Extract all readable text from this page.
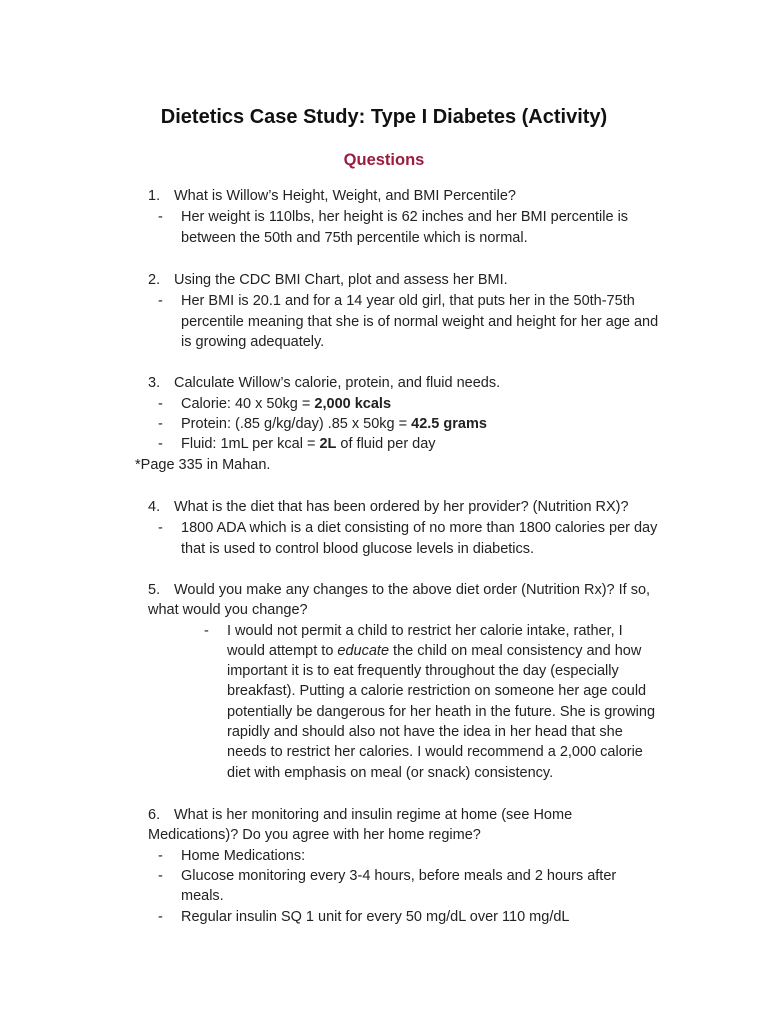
Dietetics Case Study: Type I Diabetes (Activity)
Questions
1. What is Willow’s Height, Weight, and BMI Percentile?
- Her weight is 110lbs, her height is 62 inches and her BMI percentile is
between the 50th and 75th percentile which is normal.
2. Using the CDC BMI Chart, plot and assess her BMI.
- Her BMI is 20.1 and for a 14 year old girl, that puts her in the 50th-75th
percentile meaning that she is of normal weight and height for her age and
is growing adequately.
3. Calculate Willow’s calorie, protein, and fluid needs.
- Calorie: 40 x 50kg = 2,000 kcals
- Protein: (.85 g/kg/day) .85 x 50kg = 42.5 grams
- Fluid: 1mL per kcal = 2L of fluid per day
*Page 335 in Mahan.
4. What is the diet that has been ordered by her provider? (Nutrition RX)?
- 1800 ADA which is a diet consisting of no more than 1800 calories per day
that is used to control blood glucose levels in diabetics.
5. Would you make any changes to the above diet order (Nutrition Rx)? If so,
what would you change?
- I would not permit a child to restrict her calorie intake, rather, I
would attempt to educate the child on meal consistency and how
important it is to eat frequently throughout the day (especially
breakfast). Putting a calorie restriction on someone her age could
potentially be dangerous for her heath in the future. She is growing
rapidly and should also not have the idea in her head that she
needs to restrict her calories. I would recommend a 2,000 calorie
diet with emphasis on meal (or snack) consistency.
6. What is her monitoring and insulin regime at home (see Home
Medications)? Do you agree with her home regime?
- Home Medications:
- Glucose monitoring every 3-4 hours, before meals and 2 hours after
meals.
- Regular insulin SQ 1 unit for every 50 mg/dL over 110 mg/dL
